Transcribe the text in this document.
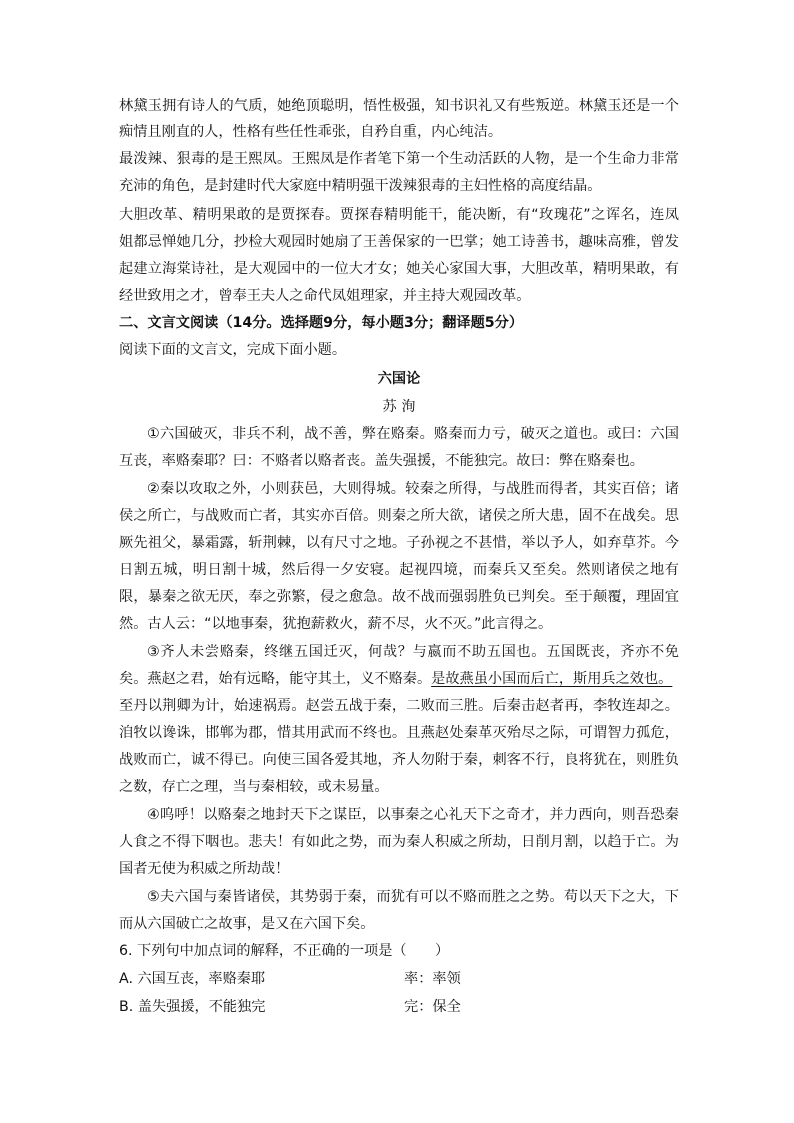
林黛玉拥有诗人的气质，她绝顶聪明，悟性极强，知书识礼又有些叛逆。林黛玉还是一个
痴情且刚直的人，性格有些任性乖张，自矜自重，内心纯洁。
最泼辣、狠毒的是王熙凤。王熙凤是作者笔下第一个生动活跃的人物，是一个生命力非常
充沛的角色，是封建时代大家庭中精明强干泼辣狠毒的主妇性格的高度结晶。
大胆改革、精明果敢的是贾探春。贾探春精明能干，能决断，有“玫瑰花”之诨名，连凤
姐都忌惮她几分，抄检大观园时她扇了王善保家的一巴掌；她工诗善书，趣味高雅，曾发
起建立海棠诗社，是大观园中的一位大才女；她关心家国大事，大胆改革，精明果敢，有
经世致用之才，曾奉王夫人之命代凤姐理家，并主持大观园改革。
二、文言文阅读（14分。选择题9分，每小题3分；翻译题5分）
阅读下面的文言文，完成下面小题。
六国论
苏 洵
①六国破灭，非兵不利，战不善，弊在赂秦。赂秦而力亏，破灭之道也。或曰：六国
互丧，率赂秦耶？曰：不赂者以赂者丧。盖失强援，不能独完。故曰：弊在赂秦也。
②秦以攻取之外，小则获邑，大则得城。较秦之所得，与战胜而得者，其实百倍；诸
侯之所亡，与战败而亡者，其实亦百倍。则秦之所大欲，诸侯之所大患，固不在战矣。思
厥先祖父，暴霜露，斩荆棘，以有尺寸之地。子孙视之不甚惜，举以予人，如弃草芥。今
日割五城，明日割十城，然后得一夕安寝。起视四境，而秦兵又至矣。然则诸侯之地有
限，暴秦之欲无厌，奉之弥繁，侵之愈急。故不战而强弱胜负已判矣。至于颠覆，理固宜
然。古人云：“以地事秦，犹抱薪救火，薪不尽，火不灭。”此言得之。
③齐人未尝赂秦，终继五国迁灭，何哉？与嬴而不助五国也。五国既丧，齐亦不免
矣。燕赵之君，始有远略，能守其土，义不赂秦。是故燕虽小国而后亡，斯用兵之效也。
至丹以荆卿为计，始速祸焉。赵尝五战于秦，二败而三胜。后秦击赵者再，李牧连却之。
洎牧以谗诛，邯郸为郡，惜其用武而不终也。且燕赵处秦革灭殆尽之际，可谓智力孤危，
战败而亡，诚不得已。向使三国各爱其地，齐人勿附于秦，刺客不行，良将犹在，则胜负
之数，存亡之理，当与秦相较，或未易量。
④呜呼！以赂秦之地封天下之谋臣，以事秦之心礼天下之奇才，并力西向，则吾恐秦
人食之不得下咽也。悲夫！有如此之势，而为秦人积威之所劫，日削月割，以趋于亡。为
国者无使为积威之所劫哉！
⑤夫六国与秦皆诸侯，其势弱于秦，而犹有可以不赂而胜之之势。苟以天下之大，下
而从六国破亡之故事，是又在六国下矣。
6. 下列句中加点词的解释，不正确的一项是（　　）
A. 六国互丧，率赂秦耶	率：率领
B. 盖失强援，不能独完	完：保全
